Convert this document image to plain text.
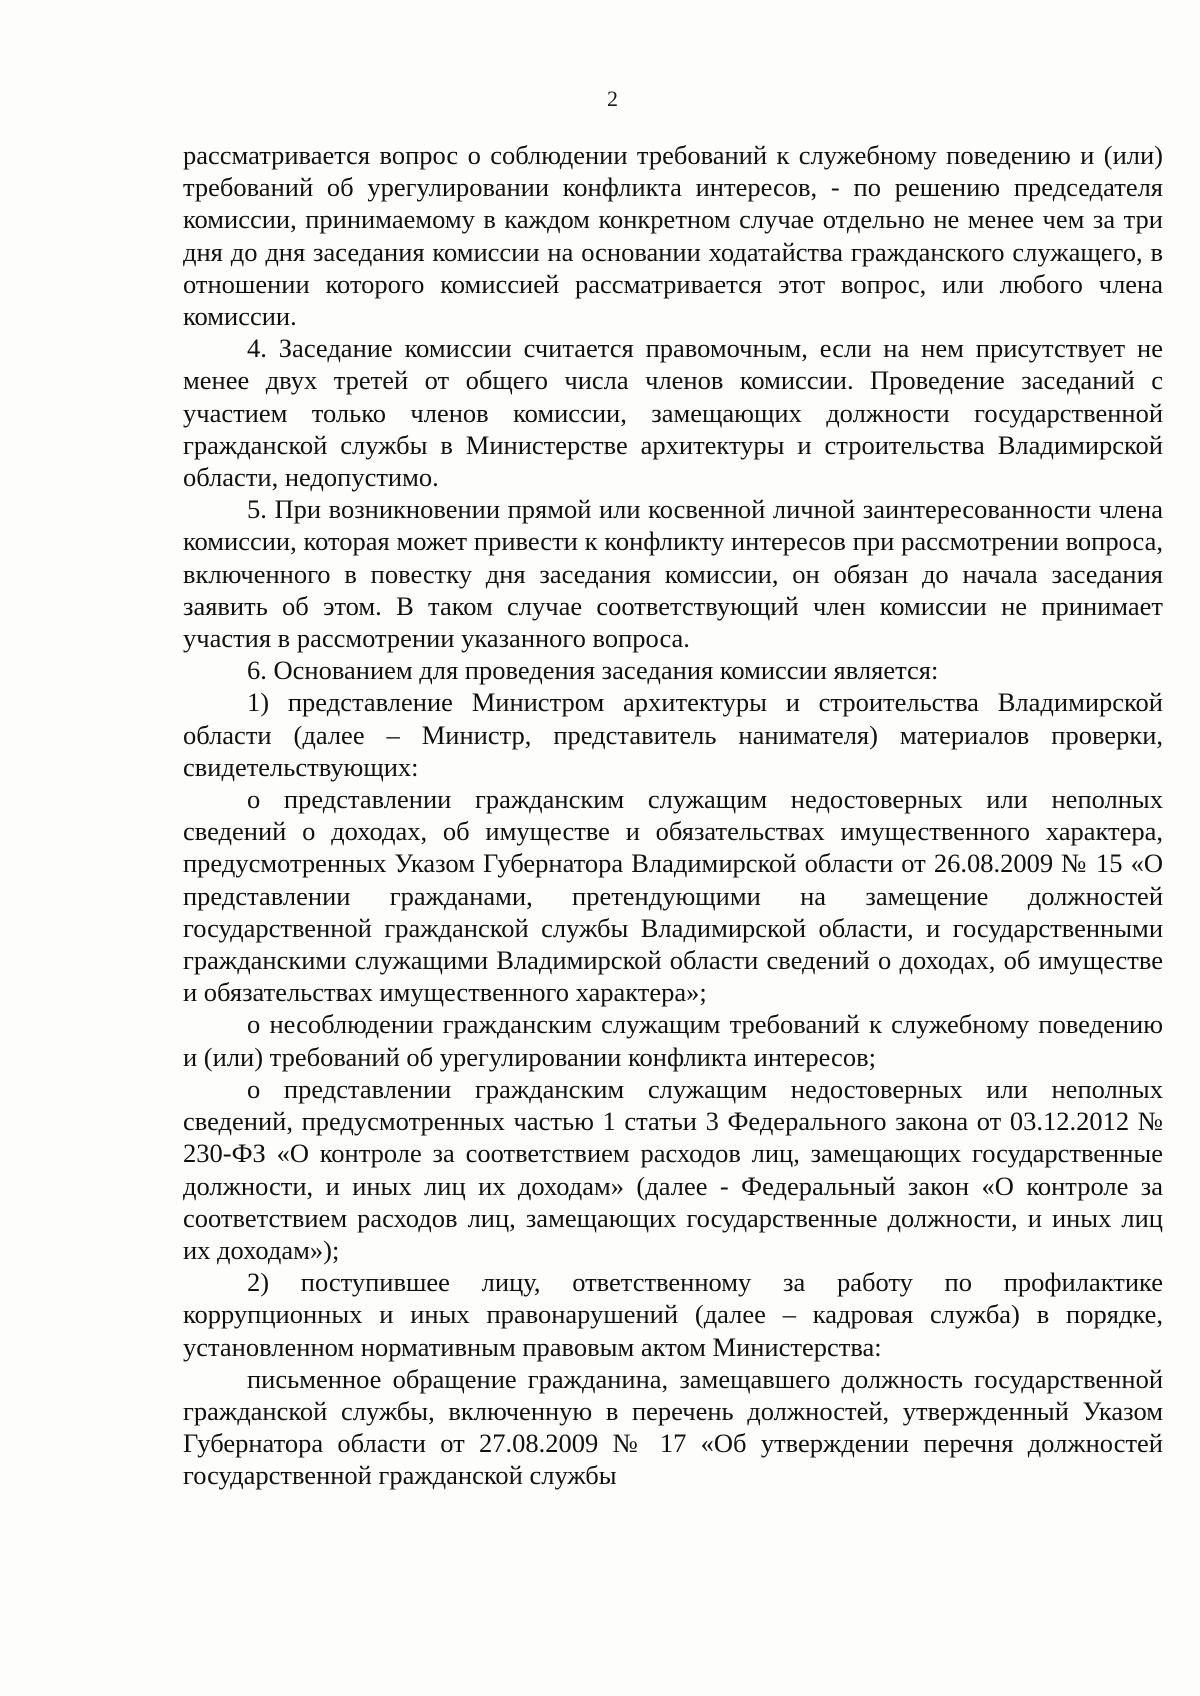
2

рассматривается вопрос о соблюдении требований к служебному поведению и (или) требований об урегулировании конфликта интересов, - по решению председателя комиссии, принимаемому в каждом конкретном случае отдельно не менее чем за три дня до дня заседания комиссии на основании ходатайства гражданского служащего, в отношении которого комиссией рассматривается этот вопрос, или любого члена комиссии.

4. Заседание комиссии считается правомочным, если на нем присутствует не менее двух третей от общего числа членов комиссии. Проведение заседаний с участием только членов комиссии, замещающих должности государственной гражданской службы в Министерстве архитектуры и строительства Владимирской области, недопустимо.

5. При возникновении прямой или косвенной личной заинтересованности члена комиссии, которая может привести к конфликту интересов при рассмотрении вопроса, включенного в повестку дня заседания комиссии, он обязан до начала заседания заявить об этом. В таком случае соответствующий член комиссии не принимает участия в рассмотрении указанного вопроса.

6. Основанием для проведения заседания комиссии является:

1) представление Министром архитектуры и строительства Владимирской области (далее – Министр, представитель нанимателя) материалов проверки, свидетельствующих:

о представлении гражданским служащим недостоверных или неполных сведений о доходах, об имуществе и обязательствах имущественного характера, предусмотренных Указом Губернатора Владимирской области от 26.08.2009 № 15 «О представлении гражданами, претендующими на замещение должностей государственной гражданской службы Владимирской области, и государственными гражданскими служащими Владимирской области сведений о доходах, об имуществе и обязательствах имущественного характера»;

о несоблюдении гражданским служащим требований к служебному поведению и (или) требований об урегулировании конфликта интересов;

о представлении гражданским служащим недостоверных или неполных сведений, предусмотренных частью 1 статьи 3 Федерального закона от 03.12.2012 № 230-ФЗ «О контроле за соответствием расходов лиц, замещающих государственные должности, и иных лиц их доходам» (далее - Федеральный закон «О контроле за соответствием расходов лиц, замещающих государственные должности, и иных лиц их доходам»);

2) поступившее лицу, ответственному за работу по профилактике коррупционных и иных правонарушений (далее – кадровая служба) в порядке, установленном нормативным правовым актом Министерства:

письменное обращение гражданина, замещавшего должность государственной гражданской службы, включенную в перечень должностей, утвержденный Указом Губернатора области от 27.08.2009 № 17 «Об утверждении перечня должностей государственной гражданской службы
